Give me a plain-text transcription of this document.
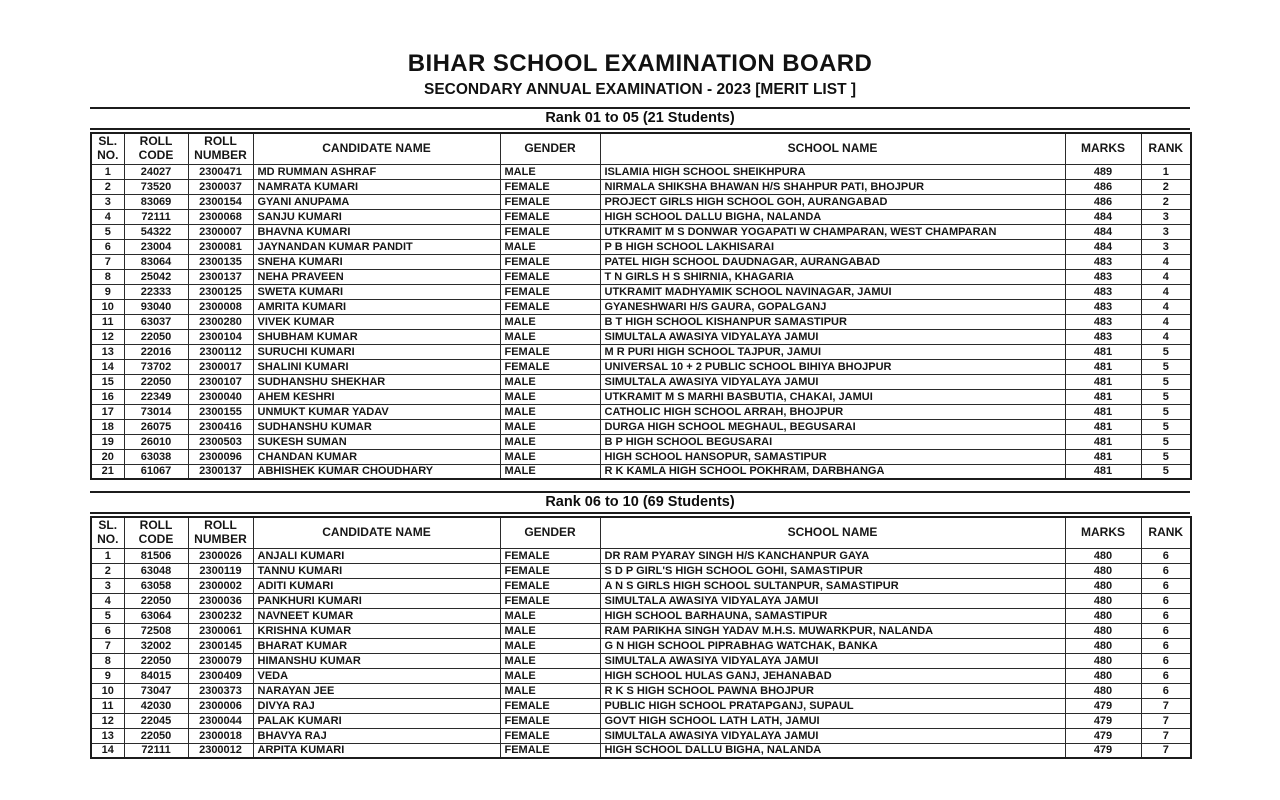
BIHAR SCHOOL EXAMINATION BOARD
SECONDARY ANNUAL EXAMINATION - 2023 [MERIT LIST ]
Rank 01 to 05 (21 Students)
SL. NO.	ROLL CODE	ROLL NUMBER	CANDIDATE NAME	GENDER	SCHOOL NAME	MARKS	RANK
1	24027	2300471	MD RUMMAN ASHRAF	MALE	ISLAMIA HIGH SCHOOL SHEIKHPURA	489	1
2	73520	2300037	NAMRATA KUMARI	FEMALE	NIRMALA SHIKSHA BHAWAN H/S SHAHPUR PATI, BHOJPUR	486	2
3	83069	2300154	GYANI ANUPAMA	FEMALE	PROJECT GIRLS HIGH SCHOOL GOH, AURANGABAD	486	2
4	72111	2300068	SANJU KUMARI	FEMALE	HIGH SCHOOL DALLU BIGHA, NALANDA	484	3
5	54322	2300007	BHAVNA KUMARI	FEMALE	UTKRAMIT M S DONWAR YOGAPATI W CHAMPARAN, WEST CHAMPARAN	484	3
6	23004	2300081	JAYNANDAN KUMAR PANDIT	MALE	P B HIGH SCHOOL LAKHISARAI	484	3
7	83064	2300135	SNEHA KUMARI	FEMALE	PATEL HIGH SCHOOL DAUDNAGAR, AURANGABAD	483	4
8	25042	2300137	NEHA PRAVEEN	FEMALE	T N GIRLS H S SHIRNIA, KHAGARIA	483	4
9	22333	2300125	SWETA KUMARI	FEMALE	UTKRAMIT MADHYAMIK SCHOOL NAVINAGAR, JAMUI	483	4
10	93040	2300008	AMRITA KUMARI	FEMALE	GYANESHWARI H/S GAURA, GOPALGANJ	483	4
11	63037	2300280	VIVEK KUMAR	MALE	B T HIGH SCHOOL KISHANPUR SAMASTIPUR	483	4
12	22050	2300104	SHUBHAM KUMAR	MALE	SIMULTALA AWASIYA VIDYALAYA JAMUI	483	4
13	22016	2300112	SURUCHI KUMARI	FEMALE	M R PURI HIGH SCHOOL TAJPUR, JAMUI	481	5
14	73702	2300017	SHALINI KUMARI	FEMALE	UNIVERSAL 10 + 2 PUBLIC SCHOOL BIHIYA BHOJPUR	481	5
15	22050	2300107	SUDHANSHU SHEKHAR	MALE	SIMULTALA AWASIYA VIDYALAYA JAMUI	481	5
16	22349	2300040	AHEM KESHRI	MALE	UTKRAMIT M S MARHI BASBUTIA, CHAKAI, JAMUI	481	5
17	73014	2300155	UNMUKT KUMAR YADAV	MALE	CATHOLIC HIGH SCHOOL ARRAH, BHOJPUR	481	5
18	26075	2300416	SUDHANSHU KUMAR	MALE	DURGA HIGH SCHOOL MEGHAUL, BEGUSARAI	481	5
19	26010	2300503	SUKESH SUMAN	MALE	B P HIGH SCHOOL BEGUSARAI	481	5
20	63038	2300096	CHANDAN KUMAR	MALE	HIGH SCHOOL HANSOPUR, SAMASTIPUR	481	5
21	61067	2300137	ABHISHEK KUMAR CHOUDHARY	MALE	R K KAMLA HIGH SCHOOL POKHRAM, DARBHANGA	481	5
Rank 06 to 10 (69 Students)
SL. NO.	ROLL CODE	ROLL NUMBER	CANDIDATE NAME	GENDER	SCHOOL NAME	MARKS	RANK
1	81506	2300026	ANJALI KUMARI	FEMALE	DR RAM PYARAY SINGH H/S KANCHANPUR GAYA	480	6
2	63048	2300119	TANNU KUMARI	FEMALE	S D P GIRL'S HIGH SCHOOL GOHI, SAMASTIPUR	480	6
3	63058	2300002	ADITI KUMARI	FEMALE	A N S GIRLS HIGH SCHOOL SULTANPUR, SAMASTIPUR	480	6
4	22050	2300036	PANKHURI KUMARI	FEMALE	SIMULTALA AWASIYA VIDYALAYA JAMUI	480	6
5	63064	2300232	NAVNEET KUMAR	MALE	HIGH SCHOOL BARHAUNA, SAMASTIPUR	480	6
6	72508	2300061	KRISHNA KUMAR	MALE	RAM PARIKHA SINGH YADAV M.H.S. MUWARKPUR, NALANDA	480	6
7	32002	2300145	BHARAT KUMAR	MALE	G N HIGH SCHOOL PIPRABHAG WATCHAK, BANKA	480	6
8	22050	2300079	HIMANSHU KUMAR	MALE	SIMULTALA AWASIYA VIDYALAYA JAMUI	480	6
9	84015	2300409	VEDA	MALE	HIGH SCHOOL HULAS GANJ, JEHANABAD	480	6
10	73047	2300373	NARAYAN JEE	MALE	R K S HIGH SCHOOL PAWNA BHOJPUR	480	6
11	42030	2300006	DIVYA RAJ	FEMALE	PUBLIC HIGH SCHOOL PRATAPGANJ, SUPAUL	479	7
12	22045	2300044	PALAK KUMARI	FEMALE	GOVT HIGH SCHOOL LATH LATH, JAMUI	479	7
13	22050	2300018	BHAVYA RAJ	FEMALE	SIMULTALA AWASIYA VIDYALAYA JAMUI	479	7
14	72111	2300012	ARPITA KUMARI	FEMALE	HIGH SCHOOL DALLU BIGHA, NALANDA	479	7
